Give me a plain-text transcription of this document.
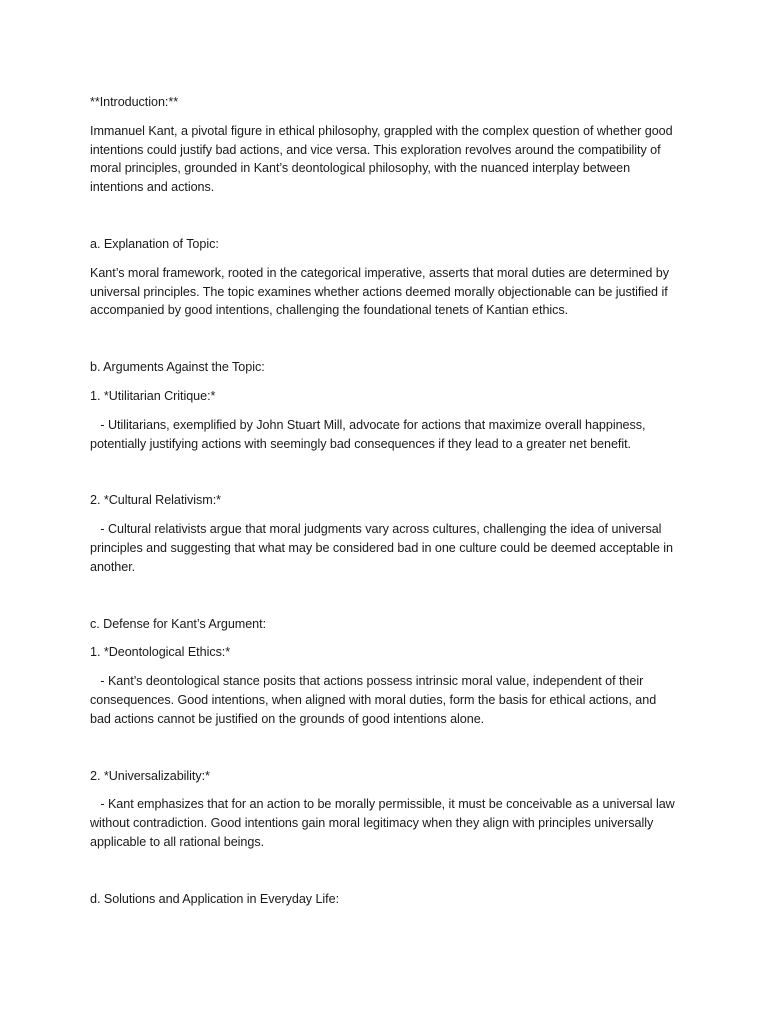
**Introduction:**

Immanuel Kant, a pivotal figure in ethical philosophy, grappled with the complex question of whether good intentions could justify bad actions, and vice versa. This exploration revolves around the compatibility of moral principles, grounded in Kant’s deontological philosophy, with the nuanced interplay between intentions and actions.

a. Explanation of Topic:

Kant’s moral framework, rooted in the categorical imperative, asserts that moral duties are determined by universal principles. The topic examines whether actions deemed morally objectionable can be justified if accompanied by good intentions, challenging the foundational tenets of Kantian ethics.

b. Arguments Against the Topic:

1. *Utilitarian Critique:*

- Utilitarians, exemplified by John Stuart Mill, advocate for actions that maximize overall happiness, potentially justifying actions with seemingly bad consequences if they lead to a greater net benefit.

2. *Cultural Relativism:*

- Cultural relativists argue that moral judgments vary across cultures, challenging the idea of universal principles and suggesting that what may be considered bad in one culture could be deemed acceptable in another.

c. Defense for Kant’s Argument:

1. *Deontological Ethics:*

- Kant’s deontological stance posits that actions possess intrinsic moral value, independent of their consequences. Good intentions, when aligned with moral duties, form the basis for ethical actions, and bad actions cannot be justified on the grounds of good intentions alone.

2. *Universalizability:*

- Kant emphasizes that for an action to be morally permissible, it must be conceivable as a universal law without contradiction. Good intentions gain moral legitimacy when they align with principles universally applicable to all rational beings.

d. Solutions and Application in Everyday Life:
